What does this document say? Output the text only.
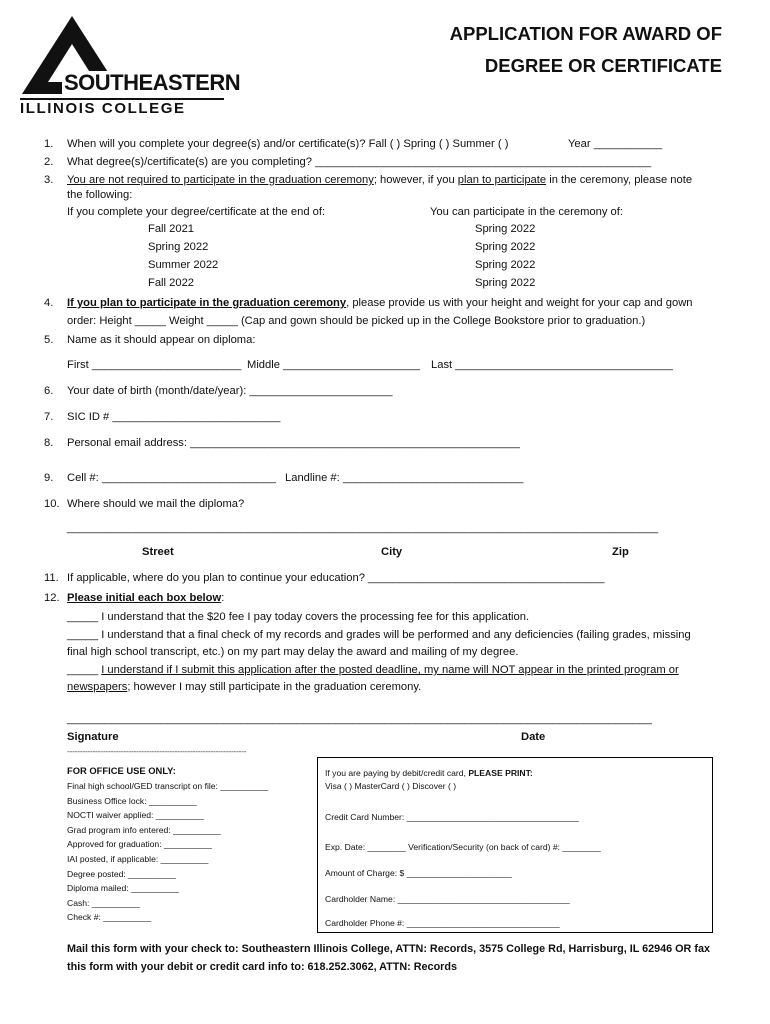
SOUTHEASTERN
ILLINOIS COLLEGE
APPLICATION FOR AWARD OF
DEGREE OR CERTIFICATE
1. When will you complete your degree(s) and/or certificate(s)? Fall ( ) Spring ( ) Summer ( )	Year ___________
2. What degree(s)/certificate(s) are you completing? ______________________________________________________
3. You are not required to participate in the graduation ceremony; however, if you plan to participate in the ceremony, please note
the following:
If you complete your degree/certificate at the end of:	You can participate in the ceremony of:
Fall 2021	Spring 2022
Spring 2022	Spring 2022
Summer 2022	Spring 2022
Fall 2022	Spring 2022
4. If you plan to participate in the graduation ceremony, please provide us with your height and weight for your cap and gown
order: Height _____ Weight _____ (Cap and gown should be picked up in the College Bookstore prior to graduation.)
5. Name as it should appear on diploma:
First ________________________ Middle ______________________ Last ___________________________________
6. Your date of birth (month/date/year): _______________________
7. SIC ID # ___________________________
8. Personal email address: _____________________________________________________
9. Cell #: ____________________________ Landline #: _____________________________
10. Where should we mail the diploma?
_______________________________________________________________________________________________
Street	City	Zip
11. If applicable, where do you plan to continue your education? ______________________________________
12. Please initial each box below:
_____ I understand that the $20 fee I pay today covers the processing fee for this application.
_____ I understand that a final check of my records and grades will be performed and any deficiencies (failing grades, missing
final high school transcript, etc.) on my part may delay the award and mailing of my degree.
_____ I understand if I submit this application after the posted deadline, my name will NOT appear in the printed program or
newspapers; however I may still participate in the graduation ceremony.
______________________________________________________________________________________________
Signature	Date
----------------------------------------------------------------------
FOR OFFICE USE ONLY:
Final high school/GED transcript on file: __________
Business Office lock: __________
NOCTI waiver applied: __________
Grad program info entered: __________
Approved for graduation: __________
IAI posted, if applicable: __________
Degree posted: __________
Diploma mailed: __________
Cash: __________
Check #: __________
If you are paying by debit/credit card, PLEASE PRINT:
Visa ( ) MasterCard ( ) Discover ( )
Credit Card Number: ____________________________________
Exp. Date: ________ Verification/Security (on back of card) #: ________
Amount of Charge: $ ______________________
Cardholder Name: ____________________________________
Cardholder Phone #: ________________________________
Mail this form with your check to: Southeastern Illinois College, ATTN: Records, 3575 College Rd, Harrisburg, IL 62946 OR fax
this form with your debit or credit card info to: 618.252.3062, ATTN: Records
